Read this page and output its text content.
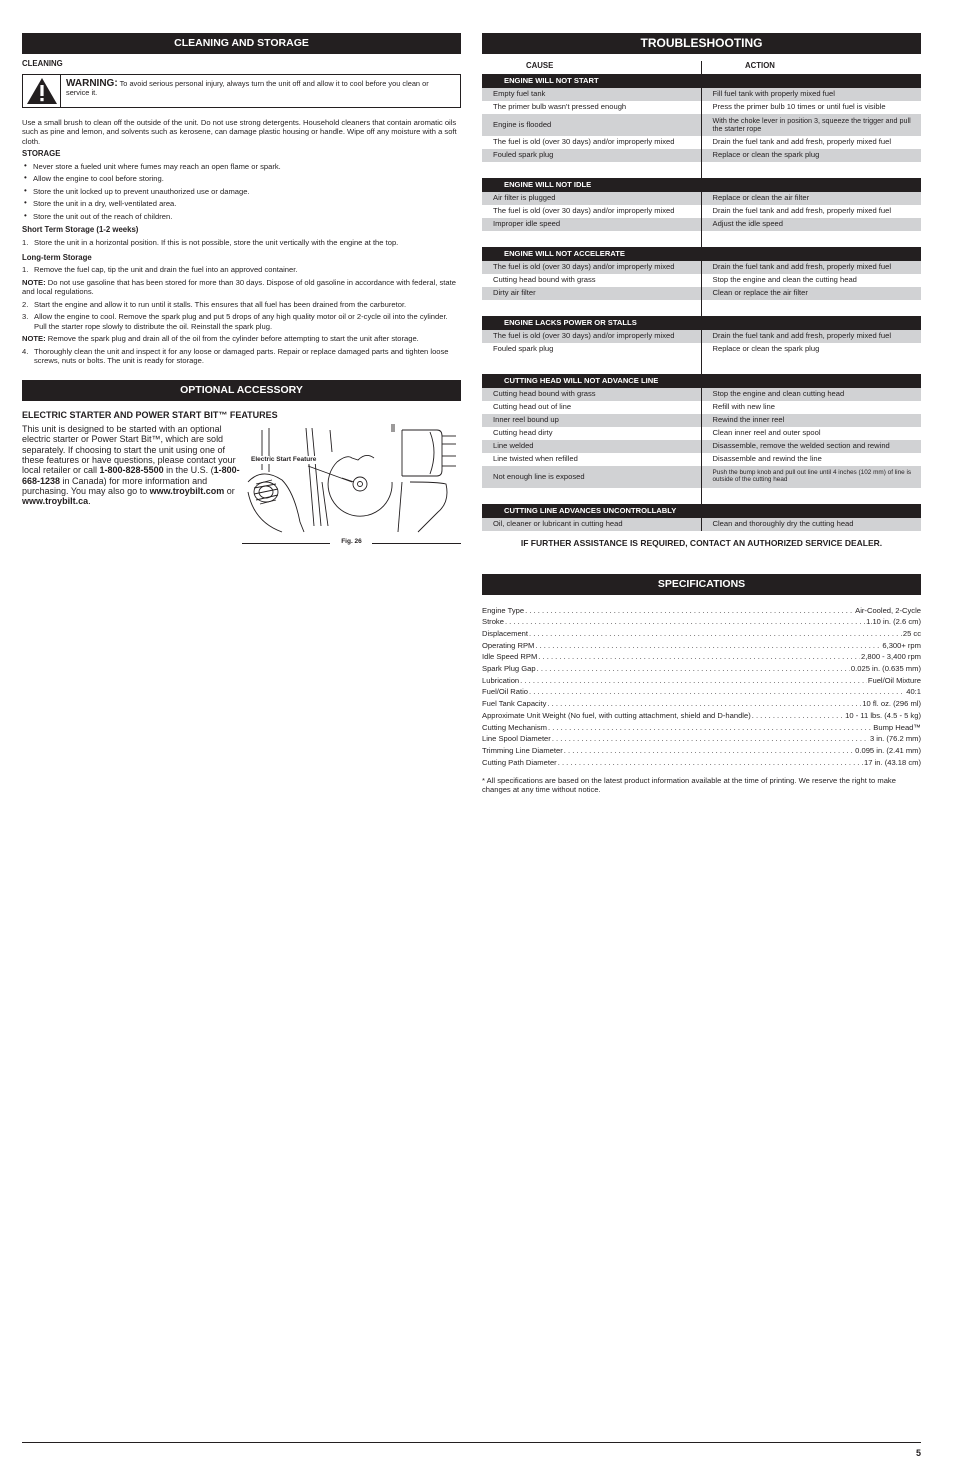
CLEANING AND STORAGE
CLEANING
WARNING: To avoid serious personal injury, always turn the unit off and allow it to cool before you clean or service it.

Use a small brush to clean off the outside of the unit. Do not use strong detergents. Household cleaners that contain aromatic oils such as pine and lemon, and solvents such as kerosene, can damage plastic housing or handle. Wipe off any moisture with a soft cloth.

STORAGE
• Never store a fueled unit where fumes may reach an open flame or spark.
• Allow the engine to cool before storing.
• Store the unit locked up to prevent unauthorized use or damage.
• Store the unit in a dry, well-ventilated area.
• Store the unit out of the reach of children.
Short Term Storage (1-2 weeks)
1. Store the unit in a horizontal position. If this is not possible, store the unit vertically with the engine at the top.
Long-term Storage
1. Remove the fuel cap, tip the unit and drain the fuel into an approved container.
NOTE: Do not use gasoline that has been stored for more than 30 days. Dispose of old gasoline in accordance with federal, state and local regulations.
2. Start the engine and allow it to run until it stalls. This ensures that all fuel has been drained from the carburetor.
3. Allow the engine to cool. Remove the spark plug and put 5 drops of any high quality motor oil or 2-cycle oil into the cylinder. Pull the starter rope slowly to distribute the oil. Reinstall the spark plug.
NOTE: Remove the spark plug and drain all of the oil from the cylinder before attempting to start the unit after storage.
4. Thoroughly clean the unit and inspect it for any loose or damaged parts. Repair or replace damaged parts and tighten loose screws, nuts or bolts. The unit is ready for storage.
OPTIONAL ACCESSORY
ELECTRIC STARTER AND POWER START BIT™ FEATURES
This unit is designed to be started with an optional electric starter or Power Start Bit™, which are sold separately. If choosing to start the unit using one of these features or have questions, please contact your local retailer or call 1-800-828-5500 in the U.S. (1-800-668-1238 in Canada) for more information and purchasing. You may also go to www.troybilt.com or www.troybilt.ca.
Electric Start Feature
Fig. 26
TROUBLESHOOTING
CAUSE	ACTION
ENGINE WILL NOT START	
Empty fuel tank	Fill fuel tank with properly mixed fuel
The primer bulb wasn't pressed enough	Press the primer bulb 10 times or until fuel is visible
Engine is flooded	With the choke lever in position 3, squeeze the trigger and pull the starter rope
The fuel is old (over 30 days) and/or improperly mixed	Drain the fuel tank and add fresh, properly mixed fuel
Fouled spark plug	Replace or clean the spark plug

ENGINE WILL NOT IDLE	
Air filter is plugged	Replace or clean the air filter
The fuel is old (over 30 days) and/or improperly mixed	Drain the fuel tank and add fresh, properly mixed fuel
Improper idle speed	Adjust the idle speed

ENGINE WILL NOT ACCELERATE	
The fuel is old (over 30 days) and/or improperly mixed	Drain the fuel tank and add fresh, properly mixed fuel
Cutting head bound with grass	Stop the engine and clean the cutting head
Dirty air filter	Clean or replace the air filter

ENGINE LACKS POWER OR STALLS	
The fuel is old (over 30 days) and/or improperly mixed	Drain the fuel tank and add fresh, properly mixed fuel
Fouled spark plug	Replace or clean the spark plug

CUTTING HEAD WILL NOT ADVANCE LINE	
Cutting head bound with grass	Stop the engine and clean cutting head
Cutting head out of line	Refill with new line
Inner reel bound up	Rewind the inner reel
Cutting head dirty	Clean inner reel and outer spool
Line welded	Disassemble, remove the welded section and rewind
Line twisted when refilled	Disassemble and rewind the line
Not enough line is exposed	Push the bump knob and pull out line until 4 inches (102 mm) of line is outside of the cutting head

CUTTING LINE ADVANCES UNCONTROLLABLY	
Oil, cleaner or lubricant in cutting head	Clean and thoroughly dry the cutting head
IF FURTHER ASSISTANCE IS REQUIRED, CONTACT AN AUTHORIZED SERVICE DEALER.
SPECIFICATIONS
Engine Type . . .	Air-Cooled, 2-Cycle
Stroke . . .	1.10 in. (2.6 cm)
Displacement . . .	25 cc
Operating RPM . . .	6,300+ rpm
Idle Speed RPM . . .	2,800 - 3,400 rpm
Spark Plug Gap . . .	0.025 in. (0.635 mm)
Lubrication . . .	Fuel/Oil Mixture
Fuel/Oil Ratio . . .	40:1
Fuel Tank Capacity . . .	10 fl. oz. (296 ml)
Approximate Unit Weight (No fuel, with cutting attachment, shield and D-handle) . . .	10 - 11 lbs. (4.5 - 5 kg)
Cutting Mechanism . . .	Bump Head™
Line Spool Diameter . . .	3 in. (76.2 mm)
Trimming Line Diameter . . .	0.095 in. (2.41 mm)
Cutting Path Diameter . . .	17 in. (43.18 cm)
* All specifications are based on the latest product information available at the time of printing. We reserve the right to make changes at any time without notice.
5
